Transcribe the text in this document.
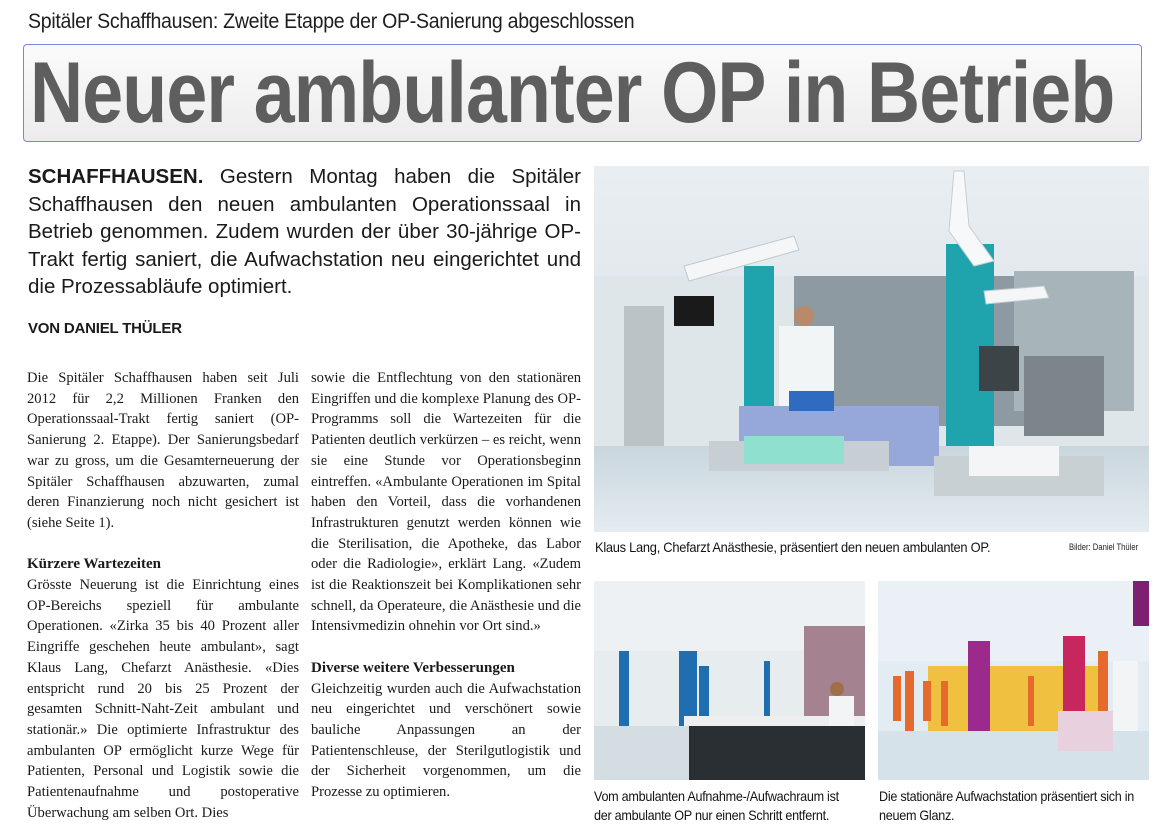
Spitäler Schaffhausen: Zweite Etappe der OP-Sanierung abgeschlossen
Neuer ambulanter OP in Betrieb
SCHAFFHAUSEN. Gestern Montag haben die Spitäler Schaffhausen den neuen ambulanten Operationssaal in Betrieb genommen. Zudem wurden der über 30-jährige OP-Trakt fertig saniert, die Aufwachstation neu eingerichtet und die Prozessabläufe optimiert.
VON DANIEL THÜLER

Die Spitäler Schaffhausen haben seit Juli 2012 für 2,2 Millionen Franken den Operationssaal-Trakt fertig saniert (OP-Sanierung 2. Etappe). Der Sanierungsbedarf war zu gross, um die Gesamterneuerung der Spitäler Schaffhausen abzuwarten, zumal deren Finanzierung noch nicht gesichert ist (siehe Seite 1).

Kürzere Wartezeiten

Grösste Neuerung ist die Einrichtung eines OP-Bereichs speziell für ambulante Operationen. «Zirka 35 bis 40 Prozent aller Eingriffe geschehen heute ambulant», sagt Klaus Lang, Chefarzt Anästhesie. «Dies entspricht rund 20 bis 25 Prozent der gesamten Schnitt-Naht-Zeit ambulant und stationär.» Die optimierte Infrastruktur des ambulanten OP ermöglicht kurze Wege für Patienten, Personal und Logistik sowie die Patientenaufnahme und postoperative Überwachung am selben Ort. Dies

sowie die Entflechtung von den stationären Eingriffen und die komplexe Planung des OP-Programms soll die Wartezeiten für die Patienten deutlich verkürzen – es reicht, wenn sie eine Stunde vor Operationsbeginn eintreffen. «Ambulante Operationen im Spital haben den Vorteil, dass die vorhandenen Infrastrukturen genutzt werden können wie die Sterilisation, die Apotheke, das Labor oder die Radiologie», erklärt Lang. «Zudem ist die Reaktionszeit bei Komplikationen sehr schnell, da Operateure, die Anästhesie und die Intensivmedizin ohnehin vor Ort sind.»

Diverse weitere Verbesserungen

Gleichzeitig wurden auch die Aufwachstation neu eingerichtet und verschönert sowie bauliche Anpassungen an der Patientenschleuse, der Sterilgutlogistik und der Sicherheit vorgenommen, um die Prozesse zu optimieren.

Klaus Lang, Chefarzt Anästhesie, präsentiert den neuen ambulanten OP.	Bilder: Daniel Thüler
Vom ambulanten Aufnahme-/Aufwachraum ist der ambulante OP nur einen Schritt entfernt.
Die stationäre Aufwachstation präsentiert sich in neuem Glanz.
